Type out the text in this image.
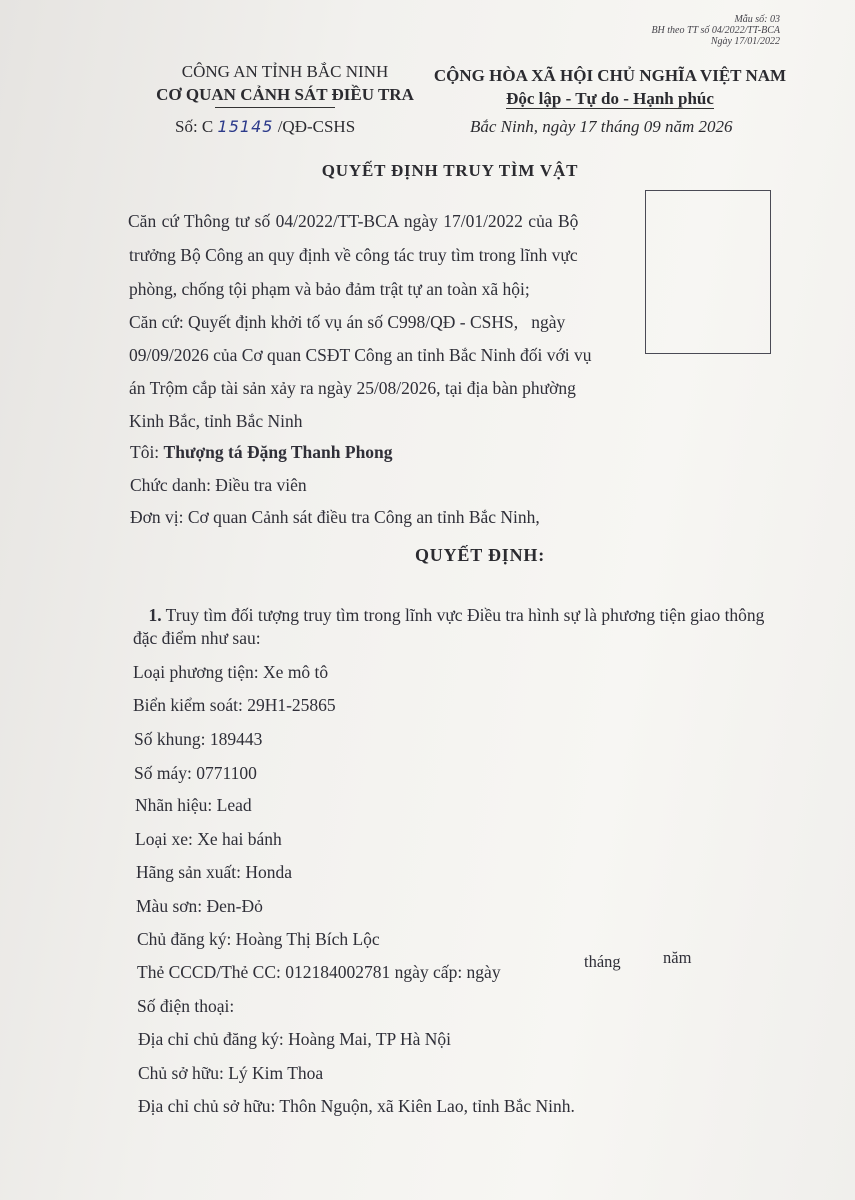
Mẫu số: 03
BH theo TT số 04/2022/TT-BCA
Ngày 17/01/2022
CÔNG AN TỈNH BẮC NINH
CƠ QUAN CẢNH SÁT ĐIỀU TRA
Số: C 15145 /QĐ-CSHS
CỘNG HÒA XÃ HỘI CHỦ NGHĨA VIỆT NAM
Độc lập - Tự do - Hạnh phúc
Bắc Ninh, ngày 17 tháng 09 năm 2026
QUYẾT ĐỊNH TRUY TÌM VẬT
Căn cứ Thông tư số 04/2022/TT-BCA ngày 17/01/2022 của Bộ
trưởng Bộ Công an quy định về công tác truy tìm trong lĩnh vực
phòng, chống tội phạm và bảo đảm trật tự an toàn xã hội;
Căn cứ: Quyết định khởi tố vụ án số C998/QĐ - CSHS,   ngày
09/09/2026 của Cơ quan CSĐT Công an tỉnh Bắc Ninh đối với vụ
án Trộm cắp tài sản xảy ra ngày 25/08/2026, tại địa bàn phường
Kinh Bắc, tỉnh Bắc Ninh
Tôi: Thượng tá Đặng Thanh Phong
Chức danh: Điều tra viên
Đơn vị: Cơ quan Cảnh sát điều tra Công an tỉnh Bắc Ninh,
QUYẾT ĐỊNH:

1. Truy tìm đối tượng truy tìm trong lĩnh vực Điều tra hình sự là phương tiện giao thông

đặc điểm như sau:
Loại phương tiện: Xe mô tô
Biển kiểm soát: 29H1-25865
Số khung: 189443
Số máy: 0771100
Nhãn hiệu: Lead
Loại xe: Xe hai bánh
Hãng sản xuất: Honda
Màu sơn: Đen-Đỏ
Chủ đăng ký: Hoàng Thị Bích Lộc
Thẻ CCCD/Thẻ CC: 012184002781 ngày cấp: ngày
tháng	năm
Số điện thoại:
Địa chỉ chủ đăng ký: Hoàng Mai, TP Hà Nội
Chủ sở hữu: Lý Kim Thoa
Địa chỉ chủ sở hữu: Thôn Nguộn, xã Kiên Lao, tỉnh Bắc Ninh.
